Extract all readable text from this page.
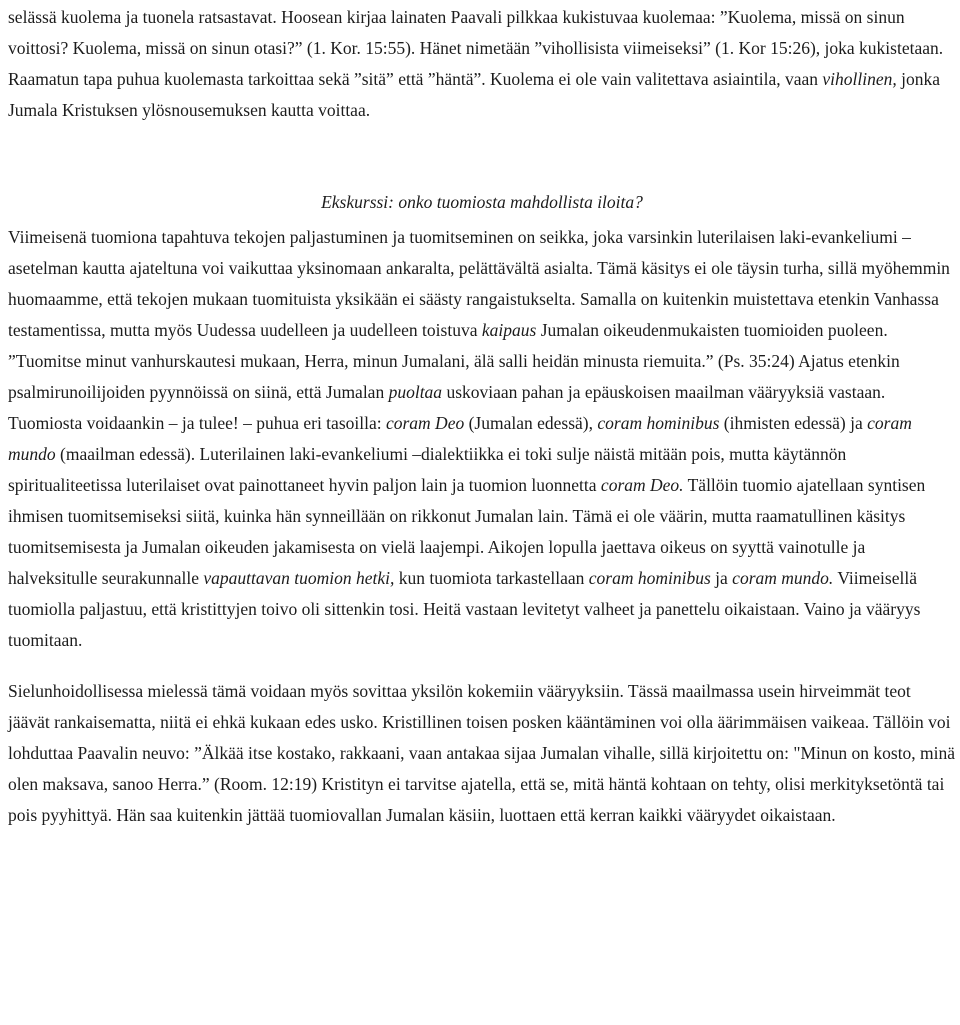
selässä kuolema ja tuonela ratsastavat. Hoosean kirjaa lainaten Paavali pilkkaa kukistuvaa kuolemaa: ”Kuolema, missä on sinun voittosi? Kuolema, missä on sinun otasi?” (1. Kor. 15:55). Hänet nimetään ”vihollisista viimeiseksi” (1. Kor 15:26), joka kukistetaan. Raamatun tapa puhua kuolemasta tarkoittaa sekä ”sitä” että ”häntä”. Kuolema ei ole vain valitettava asiaintila, vaan vihollinen, jonka Jumala Kristuksen ylösnousemuksen kautta voittaa.

Ekskurssi: onko tuomiosta mahdollista iloita?

Viimeisenä tuomiona tapahtuva tekojen paljastuminen ja tuomitseminen on seikka, joka varsinkin luterilaisen laki-evankeliumi –asetelman kautta ajateltuna voi vaikuttaa yksinomaan ankaralta, pelättävältä asialta. Tämä käsitys ei ole täysin turha, sillä myöhemmin huomaamme, että tekojen mukaan tuomituista yksikään ei säästy rangaistukselta. Samalla on kuitenkin muistettava etenkin Vanhassa testamentissa, mutta myös Uudessa uudelleen ja uudelleen toistuva kaipaus Jumalan oikeudenmukaisten tuomioiden puoleen. ”Tuomitse minut vanhurskautesi mukaan, Herra, minun Jumalani, älä salli heidän minusta riemuita.” (Ps. 35:24) Ajatus etenkin psalmirunoilijoiden pyynnöissä on siinä, että Jumalan puoltaa uskoviaan pahan ja epäuskoisen maailman vääryyksiä vastaan. Tuomiosta voidaankin – ja tulee! – puhua eri tasoilla: coram Deo (Jumalan edessä), coram hominibus (ihmisten edessä) ja coram mundo (maailman edessä). Luterilainen laki-evankeliumi –dialektiikka ei toki sulje näistä mitään pois, mutta käytännön spiritualiteetissa luterilaiset ovat painottaneet hyvin paljon lain ja tuomion luonnetta coram Deo. Tällöin tuomio ajatellaan syntisen ihmisen tuomitsemiseksi siitä, kuinka hän synneillään on rikkonut Jumalan lain. Tämä ei ole väärin, mutta raamatullinen käsitys tuomitsemisesta ja Jumalan oikeuden jakamisesta on vielä laajempi. Aikojen lopulla jaettava oikeus on syyttä vainotulle ja halveksitulle seurakunnalle vapauttavan tuomion hetki, kun tuomiota tarkastellaan coram hominibus ja coram mundo. Viimeisellä tuomiolla paljastuu, että kristittyjen toivo oli sittenkin tosi. Heitä vastaan levitetyt valheet ja panettelu oikaistaan. Vaino ja vääryys tuomitaan.

Sielunhoidollisessa mielessä tämä voidaan myös sovittaa yksilön kokemiin vääryyksiin. Tässä maailmassa usein hirveimmät teot jäävät rankaisematta, niitä ei ehkä kukaan edes usko. Kristillinen toisen posken kääntäminen voi olla äärimmäisen vaikeaa. Tällöin voi lohduttaa Paavalin neuvo: ”Älkää itse kostako, rakkaani, vaan antakaa sijaa Jumalan vihalle, sillä kirjoitettu on: "Minun on kosto, minä olen maksava, sanoo Herra.” (Room. 12:19) Kristityn ei tarvitse ajatella, että se, mitä häntä kohtaan on tehty, olisi merkityksetöntä tai pois pyyhittyä. Hän saa kuitenkin jättää tuomiovallan Jumalan käsiin, luottaen että kerran kaikki vääryydet oikaistaan.
